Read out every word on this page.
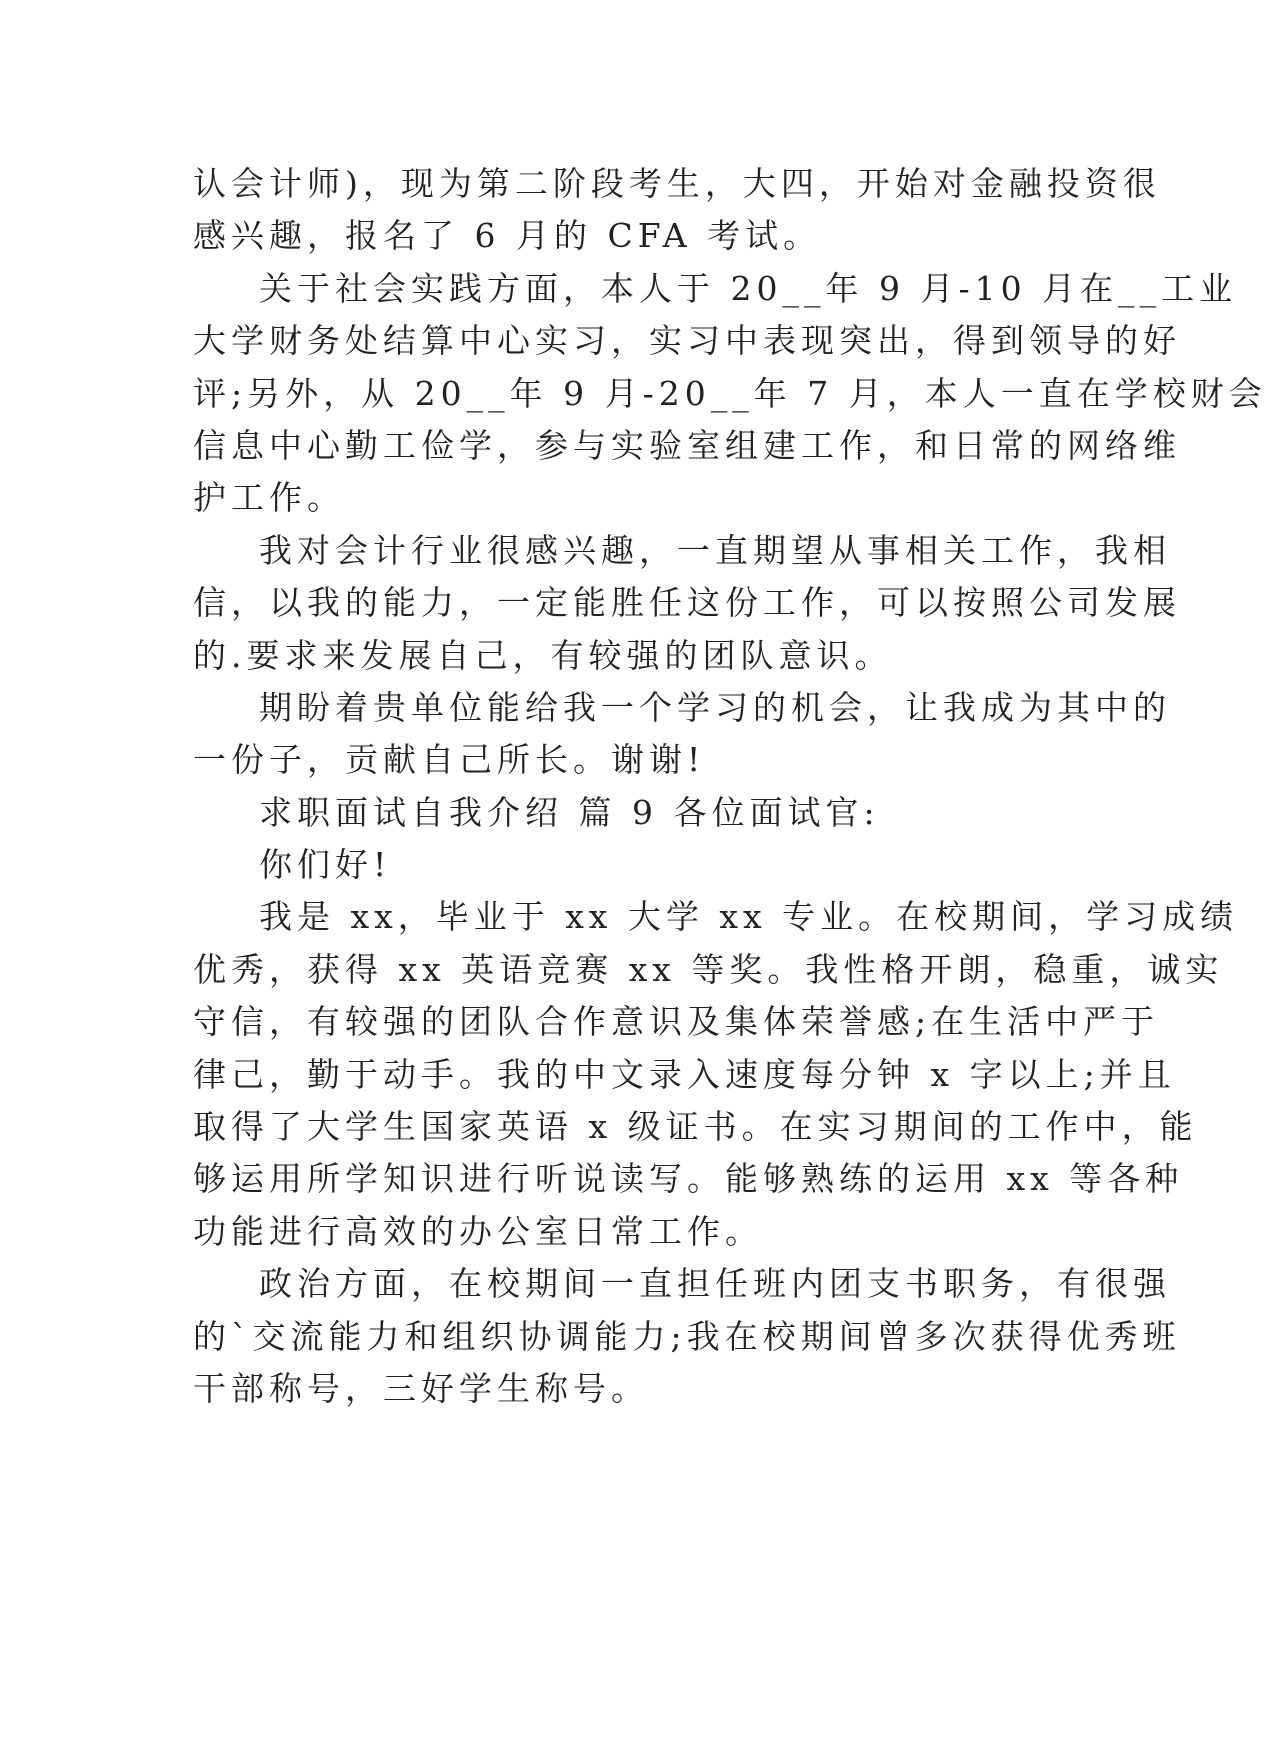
认会计师)，现为第二阶段考生，大四，开始对金融投资很
感兴趣，报名了 6 月的 CFA 考试。
关于社会实践方面，本人于 20__年 9 月-10 月在__工业
大学财务处结算中心实习，实习中表现突出，得到领导的好
评;另外，从 20__年 9 月-20__年 7 月，本人一直在学校财会
信息中心勤工俭学，参与实验室组建工作，和日常的网络维
护工作。
我对会计行业很感兴趣，一直期望从事相关工作，我相
信，以我的能力，一定能胜任这份工作，可以按照公司发展
的.要求来发展自己，有较强的团队意识。
期盼着贵单位能给我一个学习的机会，让我成为其中的
一份子，贡献自己所长。谢谢!
求职面试自我介绍 篇 9 各位面试官:
你们好!
我是 xx，毕业于 xx 大学 xx 专业。在校期间，学习成绩
优秀，获得 xx 英语竞赛 xx 等奖。我性格开朗，稳重，诚实
守信，有较强的团队合作意识及集体荣誉感;在生活中严于
律己，勤于动手。我的中文录入速度每分钟 x 字以上;并且
取得了大学生国家英语 x 级证书。在实习期间的工作中，能
够运用所学知识进行听说读写。能够熟练的运用 xx 等各种
功能进行高效的办公室日常工作。
政治方面，在校期间一直担任班内团支书职务，有很强
的`交流能力和组织协调能力;我在校期间曾多次获得优秀班
干部称号，三好学生称号。
